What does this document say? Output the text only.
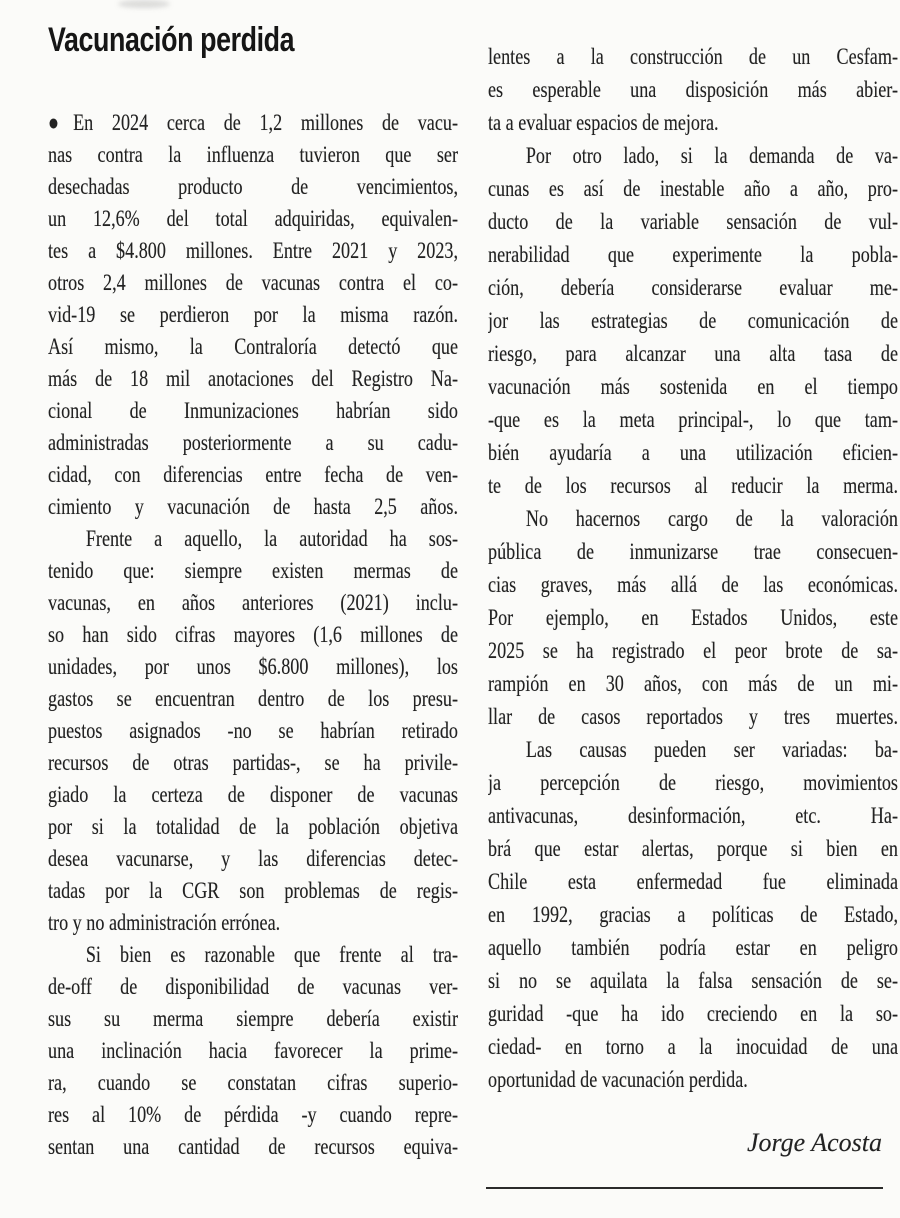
Vacunación perdida
●En 2024 cerca de 1,2 millones de vacu-
nas contra la influenza tuvieron que ser
desechadas producto de vencimientos,
un 12,6% del total adquiridas, equivalen-
tes a $4.800 millones. Entre 2021 y 2023,
otros 2,4 millones de vacunas contra el co-
vid-19 se perdieron por la misma razón.
Así mismo, la Contraloría detectó que
más de 18 mil anotaciones del Registro Na-
cional de Inmunizaciones habrían sido
administradas posteriormente a su cadu-
cidad, con diferencias entre fecha de ven-
cimiento y vacunación de hasta 2,5 años.
Frente a aquello, la autoridad ha sos-
tenido que: siempre existen mermas de
vacunas, en años anteriores (2021) inclu-
so han sido cifras mayores (1,6 millones de
unidades, por unos $6.800 millones), los
gastos se encuentran dentro de los presu-
puestos asignados -no se habrían retirado
recursos de otras partidas-, se ha privile-
giado la certeza de disponer de vacunas
por si la totalidad de la población objetiva
desea vacunarse, y las diferencias detec-
tadas por la CGR son problemas de regis-
tro y no administración errónea.
Si bien es razonable que frente al tra-
de-off de disponibilidad de vacunas ver-
sus su merma siempre debería existir
una inclinación hacia favorecer la prime-
ra, cuando se constatan cifras superio-
res al 10% de pérdida -y cuando repre-
sentan una cantidad de recursos equiva-
lentes a la construcción de un Cesfam-
es esperable una disposición más abier-
ta a evaluar espacios de mejora.
Por otro lado, si la demanda de va-
cunas es así de inestable año a año, pro-
ducto de la variable sensación de vul-
nerabilidad que experimente la pobla-
ción, debería considerarse evaluar me-
jor las estrategias de comunicación de
riesgo, para alcanzar una alta tasa de
vacunación más sostenida en el tiempo
-que es la meta principal-, lo que tam-
bién ayudaría a una utilización eficien-
te de los recursos al reducir la merma.
No hacernos cargo de la valoración
pública de inmunizarse trae consecuen-
cias graves, más allá de las económicas.
Por ejemplo, en Estados Unidos, este
2025 se ha registrado el peor brote de sa-
rampión en 30 años, con más de un mi-
llar de casos reportados y tres muertes.
Las causas pueden ser variadas: ba-
ja percepción de riesgo, movimientos
antivacunas, desinformación, etc. Ha-
brá que estar alertas, porque si bien en
Chile esta enfermedad fue eliminada
en 1992, gracias a políticas de Estado,
aquello también podría estar en peligro
si no se aquilata la falsa sensación de se-
guridad -que ha ido creciendo en la so-
ciedad- en torno a la inocuidad de una
oportunidad de vacunación perdida.
Jorge Acosta
